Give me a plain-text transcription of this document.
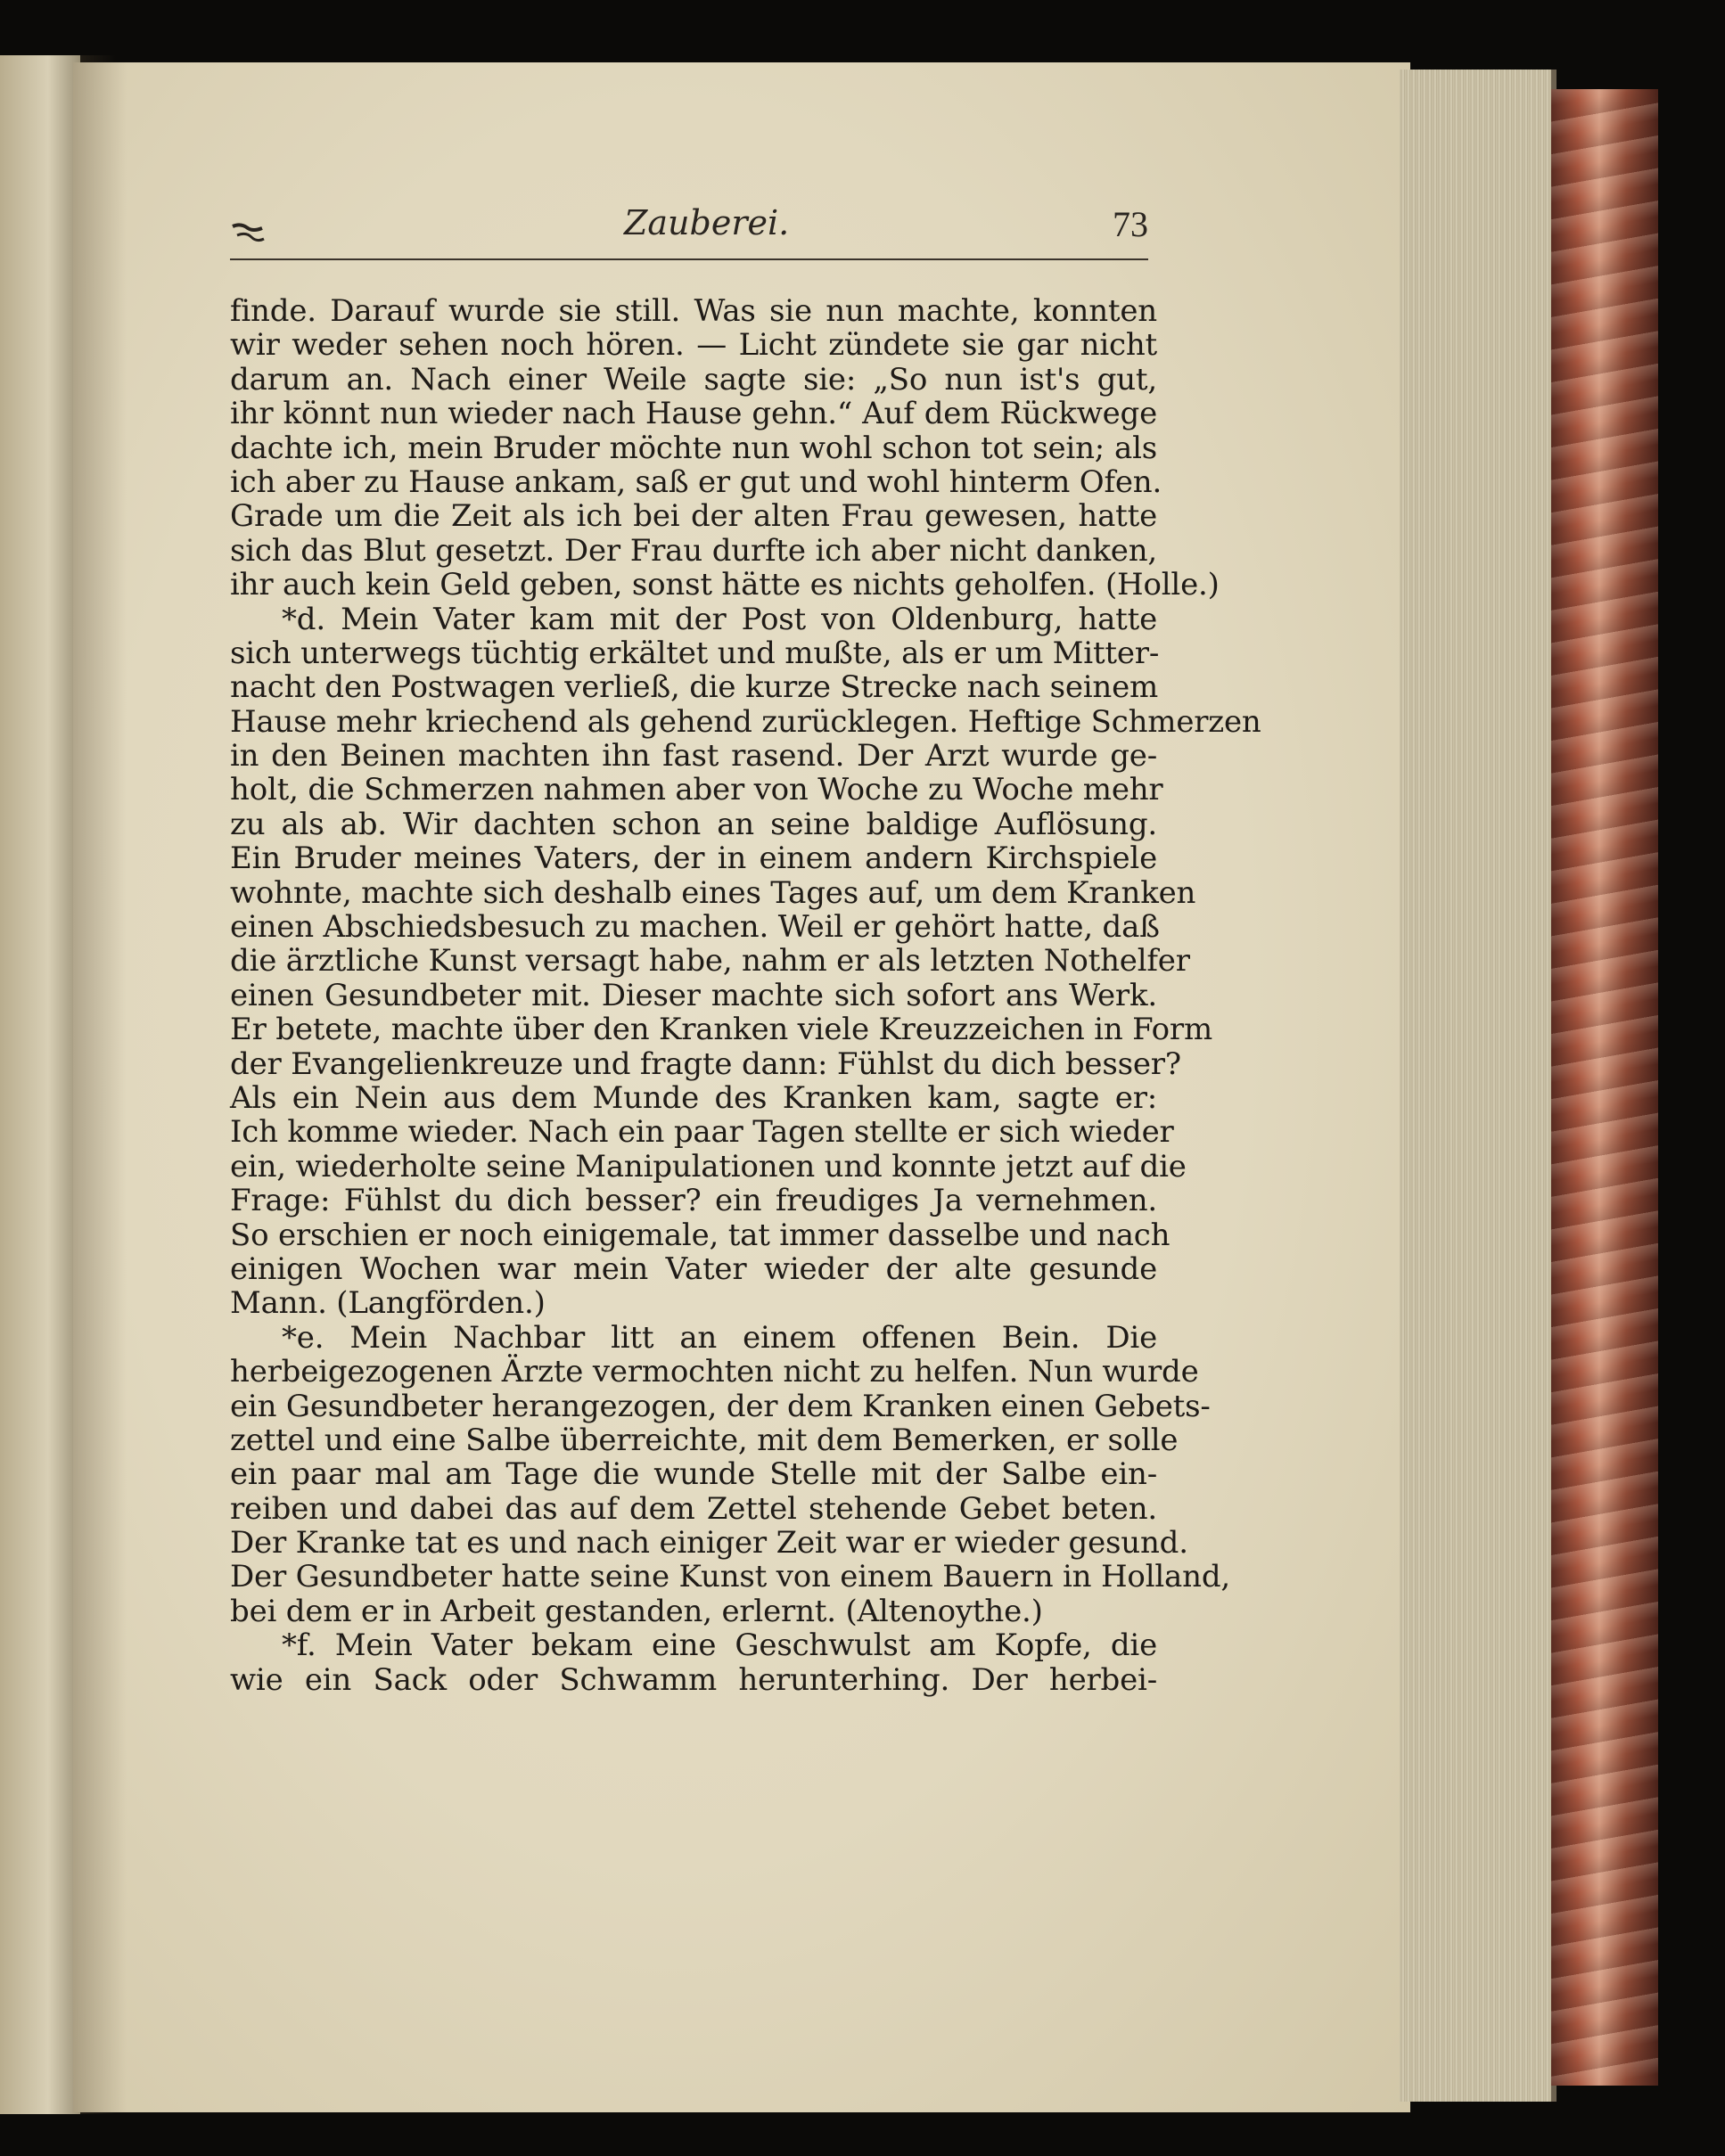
Zauberei.	73
finde. Darauf wurde sie still. Was sie nun machte, konnten
wir weder sehen noch hören. — Licht zündete sie gar nicht
darum an. Nach einer Weile sagte sie: „So nun ist's gut,
ihr könnt nun wieder nach Hause gehn.“ Auf dem Rückwege
dachte ich, mein Bruder möchte nun wohl schon tot sein; als
ich aber zu Hause ankam, saß er gut und wohl hinterm Ofen.
Grade um die Zeit als ich bei der alten Frau gewesen, hatte
sich das Blut gesetzt. Der Frau durfte ich aber nicht danken,
ihr auch kein Geld geben, sonst hätte es nichts geholfen. (Holle.)
*d. Mein Vater kam mit der Post von Oldenburg, hatte
sich unterwegs tüchtig erkältet und mußte, als er um Mitter-
nacht den Postwagen verließ, die kurze Strecke nach seinem
Hause mehr kriechend als gehend zurücklegen. Heftige Schmerzen
in den Beinen machten ihn fast rasend. Der Arzt wurde ge-
holt, die Schmerzen nahmen aber von Woche zu Woche mehr
zu als ab. Wir dachten schon an seine baldige Auflösung.
Ein Bruder meines Vaters, der in einem andern Kirchspiele
wohnte, machte sich deshalb eines Tages auf, um dem Kranken
einen Abschiedsbesuch zu machen. Weil er gehört hatte, daß
die ärztliche Kunst versagt habe, nahm er als letzten Nothelfer
einen Gesundbeter mit. Dieser machte sich sofort ans Werk.
Er betete, machte über den Kranken viele Kreuzzeichen in Form
der Evangelienkreuze und fragte dann: Fühlst du dich besser?
Als ein Nein aus dem Munde des Kranken kam, sagte er:
Ich komme wieder. Nach ein paar Tagen stellte er sich wieder
ein, wiederholte seine Manipulationen und konnte jetzt auf die
Frage: Fühlst du dich besser? ein freudiges Ja vernehmen.
So erschien er noch einigemale, tat immer dasselbe und nach
einigen Wochen war mein Vater wieder der alte gesunde
Mann. (Langförden.)
*e. Mein Nachbar litt an einem offenen Bein. Die
herbeigezogenen Ärzte vermochten nicht zu helfen. Nun wurde
ein Gesundbeter herangezogen, der dem Kranken einen Gebets-
zettel und eine Salbe überreichte, mit dem Bemerken, er solle
ein paar mal am Tage die wunde Stelle mit der Salbe ein-
reiben und dabei das auf dem Zettel stehende Gebet beten.
Der Kranke tat es und nach einiger Zeit war er wieder gesund.
Der Gesundbeter hatte seine Kunst von einem Bauern in Holland,
bei dem er in Arbeit gestanden, erlernt. (Altenoythe.)
*f. Mein Vater bekam eine Geschwulst am Kopfe, die
wie ein Sack oder Schwamm herunterhing. Der herbei-
